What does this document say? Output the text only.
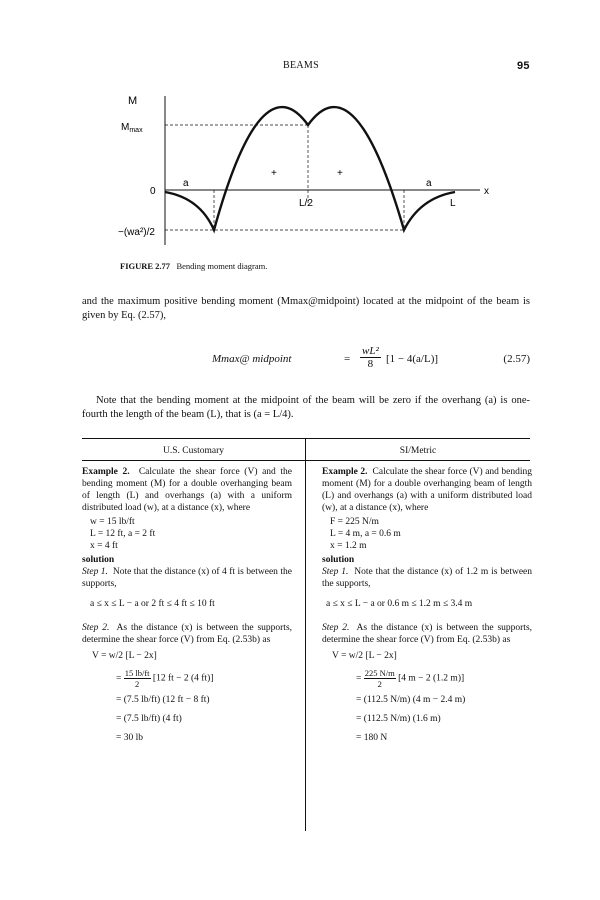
BEAMS	95
M
$M_{max}$
0
−(wa²)/2
x
a	a
L/2	L
+	+
FIGURE 2.77 Bending moment diagram.
and the maximum positive bending moment (Mmax@midpoint) located at the midpoint of the beam is given by Eq. (2.57),
Mmax@ midpoint	= $\frac{\text{wL²}}{8} [1 - 4(a/L)]$	(2.57)
Note that the bending moment at the midpoint of the beam will be zero if the overhang (a) is one-fourth the length of the beam (L), that is (a = L/4).
U.S. Customary	SI/Metric

Example 2. Calculate the shear force (V) and the bending moment (M) for a double overhanging beam of length (L) and overhangs (a) with a uniform distributed load (w), at a distance (x), where

w = 15 lb/ft
L = 12 ft, a = 2 ft
x = 4 ft
solution

Step 1. Note that the distance (x) of 4 ft is between the supports,

a ≤ x ≤ L − a or 2 ft ≤ 4 ft ≤ 10 ft

Step 2. As the distance (x) is between the supports, determine the shear force (V) from Eq. (2.53b) as

V = w/2 [L − 2x]
= $\frac{15 lb/ft}{2} [12$ ft − 2 (4 ft)]
= (7.5 lb/ft) (12 ft − 8 ft)
= (7.5 lb/ft) (4 ft)
= 30 lb

Example 2. Calculate the shear force (V) and bending moment (M) for a double overhanging beam of length (L) and overhangs (a) with a uniform distributed load (w), at a distance (x), where

F = 225 N/m
L = 4 m, a = 0.6 m
x = 1.2 m
solution

Step 1. Note that the distance (x) of 1.2 m is between the supports,

a ≤ x ≤ L − a or 0.6 m ≤ 1.2 m ≤ 3.4 m

Step 2. As the distance (x) is between the supports, determine the shear force (V) from Eq. (2.53b) as

V = w/2 [L − 2x]
= $\frac{225 N/m}{2} [4$ m − 2 (1.2 m)]
= (112.5 N/m) (4 m − 2.4 m)
= (112.5 N/m) (1.6 m)
= 180 N
